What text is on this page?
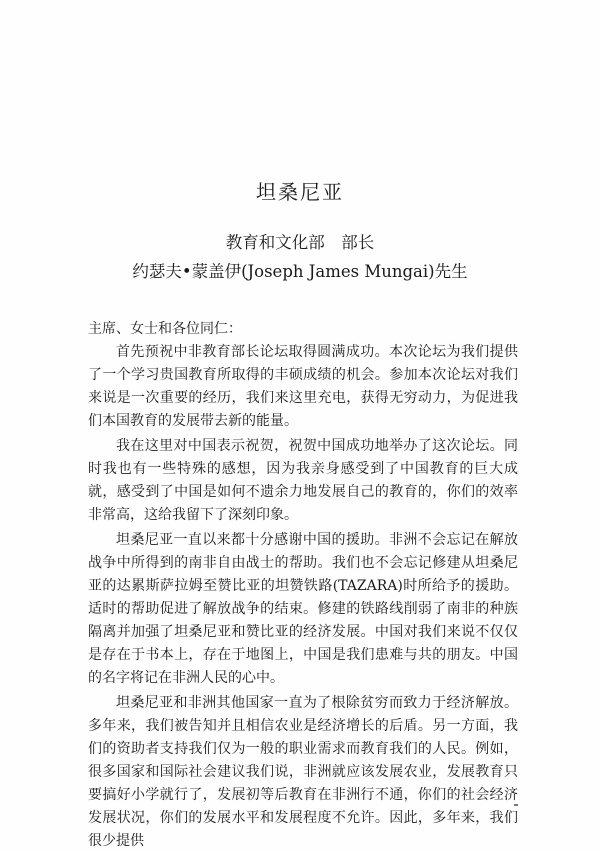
坦桑尼亚
教育和文化部　部长
约瑟夫•蒙盖伊(Joseph James Mungai)先生

主席、女士和各位同仁：

首先预祝中非教育部长论坛取得圆满成功。本次论坛为我们提供了一个学习贵国教育所取得的丰硕成绩的机会。参加本次论坛对我们来说是一次重要的经历，我们来这里充电，获得无穷动力，为促进我们本国教育的发展带去新的能量。

我在这里对中国表示祝贺，祝贺中国成功地举办了这次论坛。同时我也有一些特殊的感想，因为我亲身感受到了中国教育的巨大成就，感受到了中国是如何不遗余力地发展自己的教育的，你们的效率非常高，这给我留下了深刻印象。

坦桑尼亚一直以来都十分感谢中国的援助。非洲不会忘记在解放战争中所得到的南非自由战士的帮助。我们也不会忘记修建从坦桑尼亚的达累斯萨拉姆至赞比亚的坦赞铁路(TAZARA)时所给予的援助。适时的帮助促进了解放战争的结束。修建的铁路线削弱了南非的种族隔离并加强了坦桑尼亚和赞比亚的经济发展。中国对我们来说不仅仅是存在于书本上，存在于地图上，中国是我们患难与共的朋友。中国的名字将记在非洲人民的心中。

坦桑尼亚和非洲其他国家一直为了根除贫穷而致力于经济解放。多年来，我们被告知并且相信农业是经济增长的后盾。另一方面，我们的资助者支持我们仅为一般的职业需求而教育我们的人民。例如，很多国家和国际社会建议我们说，非洲就应该发展农业，发展教育只要搞好小学就行了，发展初等后教育在非洲行不通，你们的社会经济发展状况，你们的发展水平和发展程度不允许。因此，多年来，我们很少提供
